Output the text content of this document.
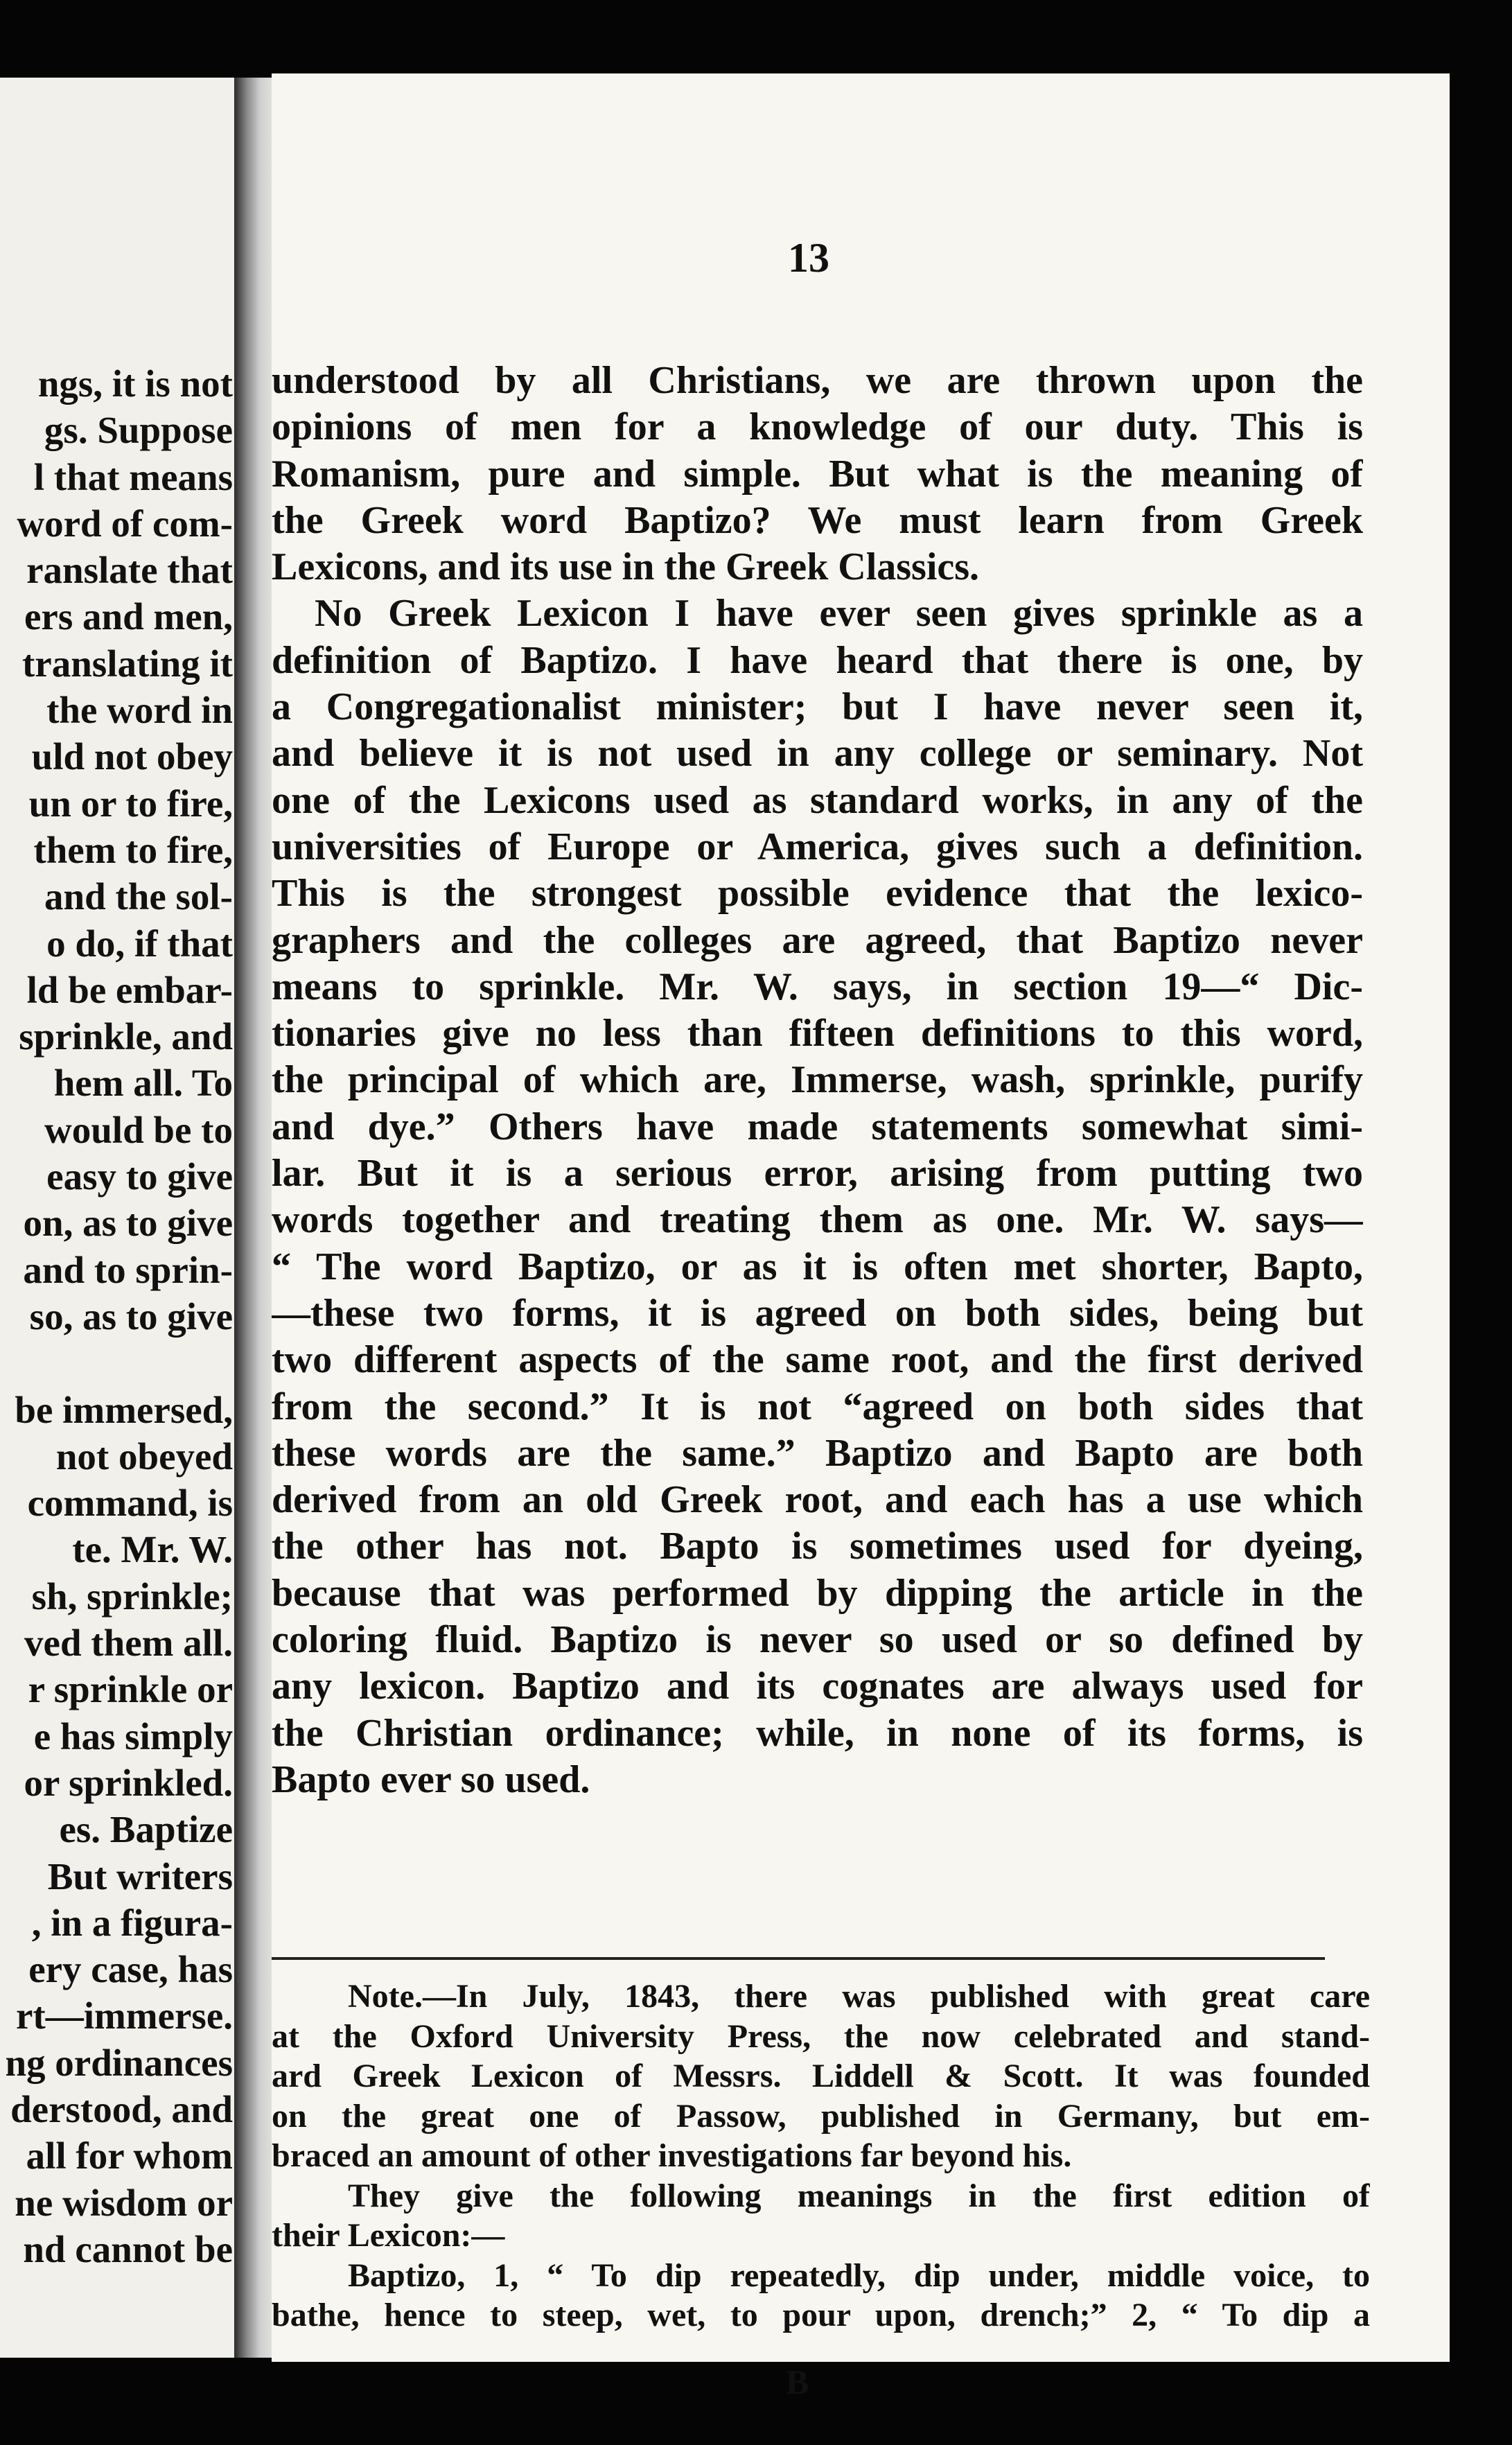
ngs, it is not
gs. Suppose
l that means
word of com-
ranslate that
ers and men,
translating it
the word in
uld not obey
un or to fire,
them to fire,
and the sol-
o do, if that
ld be embar-
sprinkle, and
hem all. To
would be to
easy to give
on, as to give
and to sprin-
so, as to give
be immersed,
not obeyed
command, is
te. Mr. W.
sh, sprinkle;
ved them all.
r sprinkle or
e has simply
or sprinkled.
es. Baptize
But writers
, in a figura-
ery case, has
rt—immerse.
ng ordinances
derstood, and
all for whom
ne wisdom or
nd cannot be
13
understood by all Christians, we are thrown upon the
opinions of men for a knowledge of our duty. This is
Romanism, pure and simple. But what is the meaning of
the Greek word Baptizo? We must learn from Greek
Lexicons, and its use in the Greek Classics.
No Greek Lexicon I have ever seen gives sprinkle as a
definition of Baptizo. I have heard that there is one, by
a Congregationalist minister; but I have never seen it,
and believe it is not used in any college or seminary. Not
one of the Lexicons used as standard works, in any of the
universities of Europe or America, gives such a definition.
This is the strongest possible evidence that the lexico-
graphers and the colleges are agreed, that Baptizo never
means to sprinkle. Mr. W. says, in section 19—“ Dic-
tionaries give no less than fifteen definitions to this word,
the principal of which are, Immerse, wash, sprinkle, purify
and dye.” Others have made statements somewhat simi-
lar. But it is a serious error, arising from putting two
words together and treating them as one. Mr. W. says—
“ The word Baptizo, or as it is often met shorter, Bapto,
—these two forms, it is agreed on both sides, being but
two different aspects of the same root, and the first derived
from the second.” It is not “agreed on both sides that
these words are the same.” Baptizo and Bapto are both
derived from an old Greek root, and each has a use which
the other has not. Bapto is sometimes used for dyeing,
because that was performed by dipping the article in the
coloring fluid. Baptizo is never so used or so defined by
any lexicon. Baptizo and its cognates are always used for
the Christian ordinance; while, in none of its forms, is
Bapto ever so used.
Note.—In July, 1843, there was published with great care
at the Oxford University Press, the now celebrated and stand-
ard Greek Lexicon of Messrs. Liddell & Scott. It was founded
on the great one of Passow, published in Germany, but em-
braced an amount of other investigations far beyond his.
They give the following meanings in the first edition of
their Lexicon:—
Baptizo, 1, “ To dip repeatedly, dip under, middle voice, to
bathe, hence to steep, wet, to pour upon, drench;” 2, “ To dip a
B
